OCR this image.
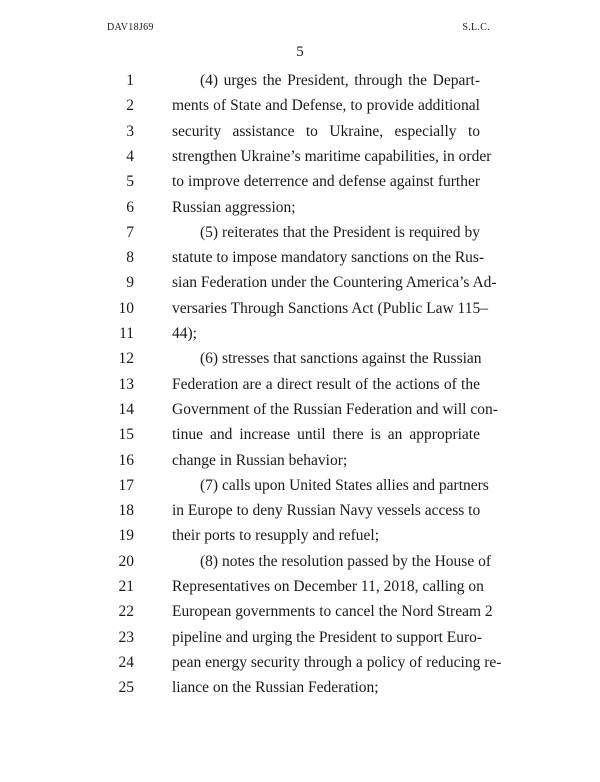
DAV18J69	S.L.C.
5
1	(4) urges the President, through the Depart-
2 ments of State and Defense, to provide additional
3 security assistance to Ukraine, especially to
4 strengthen Ukraine’s maritime capabilities, in order
5 to improve deterrence and defense against further
6 Russian aggression;
7	(5) reiterates that the President is required by
8 statute to impose mandatory sanctions on the Rus-
9 sian Federation under the Countering America’s Ad-
10 versaries Through Sanctions Act (Public Law 115–
11 44);
12	(6) stresses that sanctions against the Russian
13 Federation are a direct result of the actions of the
14 Government of the Russian Federation and will con-
15 tinue and increase until there is an appropriate
16 change in Russian behavior;
17	(7) calls upon United States allies and partners
18 in Europe to deny Russian Navy vessels access to
19 their ports to resupply and refuel;
20	(8) notes the resolution passed by the House of
21 Representatives on December 11, 2018, calling on
22 European governments to cancel the Nord Stream 2
23 pipeline and urging the President to support Euro-
24 pean energy security through a policy of reducing re-
25 liance on the Russian Federation;
